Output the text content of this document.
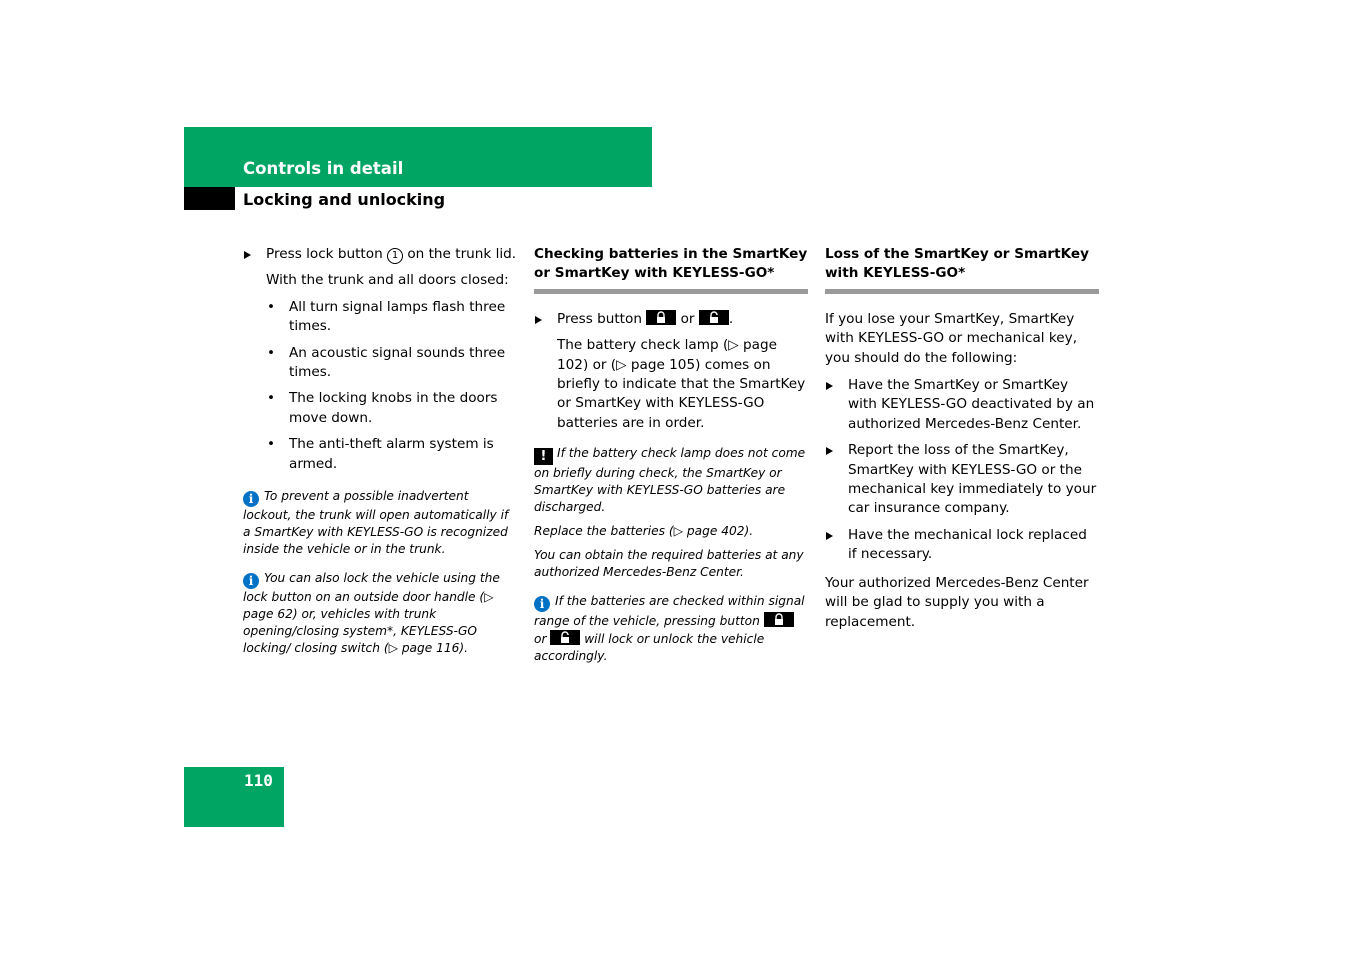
Controls in detail
Locking and unlocking
Press lock button 1 on the trunk lid.
With the trunk and all doors closed:
• All turn signal lamps flash three times.
• An acoustic signal sounds three times.
• The locking knobs in the doors move down.
• The anti-theft alarm system is armed.
i To prevent a possible inadvertent lockout, the trunk will open automatically if a SmartKey with KEYLESS-GO is recognized inside the vehicle or in the trunk.
i You can also lock the vehicle using the lock button on an outside door handle (▷ page 62) or, vehicles with trunk opening/closing system*, KEYLESS-GO locking/ closing switch (▷ page 116).
Checking batteries in the SmartKey or SmartKey with KEYLESS-GO*
Press button
or
.
The battery check lamp (▷ page 102) or (▷ page 105) comes on briefly to indicate that the SmartKey or SmartKey with KEYLESS-GO batteries are in order.
! If the battery check lamp does not come on briefly during check, the SmartKey or SmartKey with KEYLESS-GO batteries are discharged.
Replace the batteries (▷ page 402).
You can obtain the required batteries at any authorized Mercedes-Benz Center.
i If the batteries are checked within signal range of the vehicle, pressing button
or
will lock or unlock the vehicle accordingly.
Loss of the SmartKey or SmartKey with KEYLESS-GO*
If you lose your SmartKey, SmartKey with KEYLESS-GO or mechanical key, you should do the following:
Have the SmartKey or SmartKey with KEYLESS-GO deactivated by an authorized Mercedes-Benz Center.
Report the loss of the SmartKey, SmartKey with KEYLESS-GO or the mechanical key immediately to your car insurance company.
Have the mechanical lock replaced if necessary.
Your authorized Mercedes-Benz Center will be glad to supply you with a replacement.
110
